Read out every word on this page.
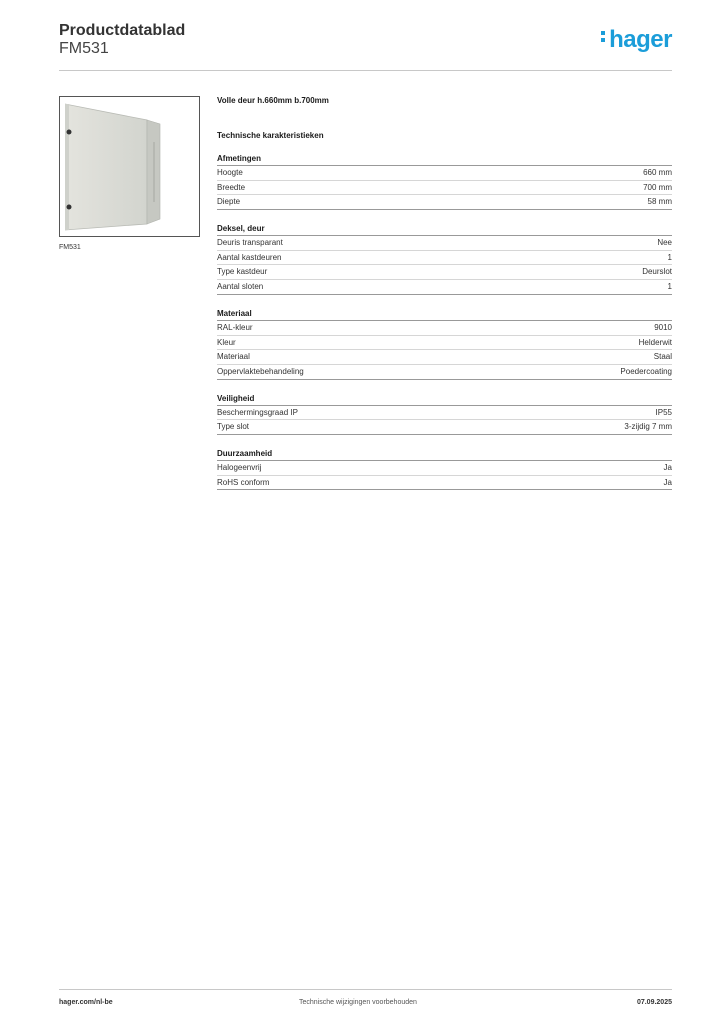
Productdatablad
FM531	hager
FM531
Volle deur h.660mm b.700mm
Technische karakteristieken
Afmetingen
Hoogte	660 mm
Breedte	700 mm
Diepte	58 mm
Deksel, deur
Deuris transparant	Nee
Aantal kastdeuren	1
Type kastdeur	Deurslot
Aantal sloten	1
Materiaal
RAL-kleur	9010
Kleur	Helderwit
Materiaal	Staal
Oppervlaktebehandeling	Poedercoating
Veiligheid
Beschermingsgraad IP	IP55
Type slot	3-zijdig 7 mm
Duurzaamheid
Halogeenvrij	Ja
RoHS conform	Ja
hager.com/nl-be	Technische wijzigingen voorbehouden	07.09.2025
